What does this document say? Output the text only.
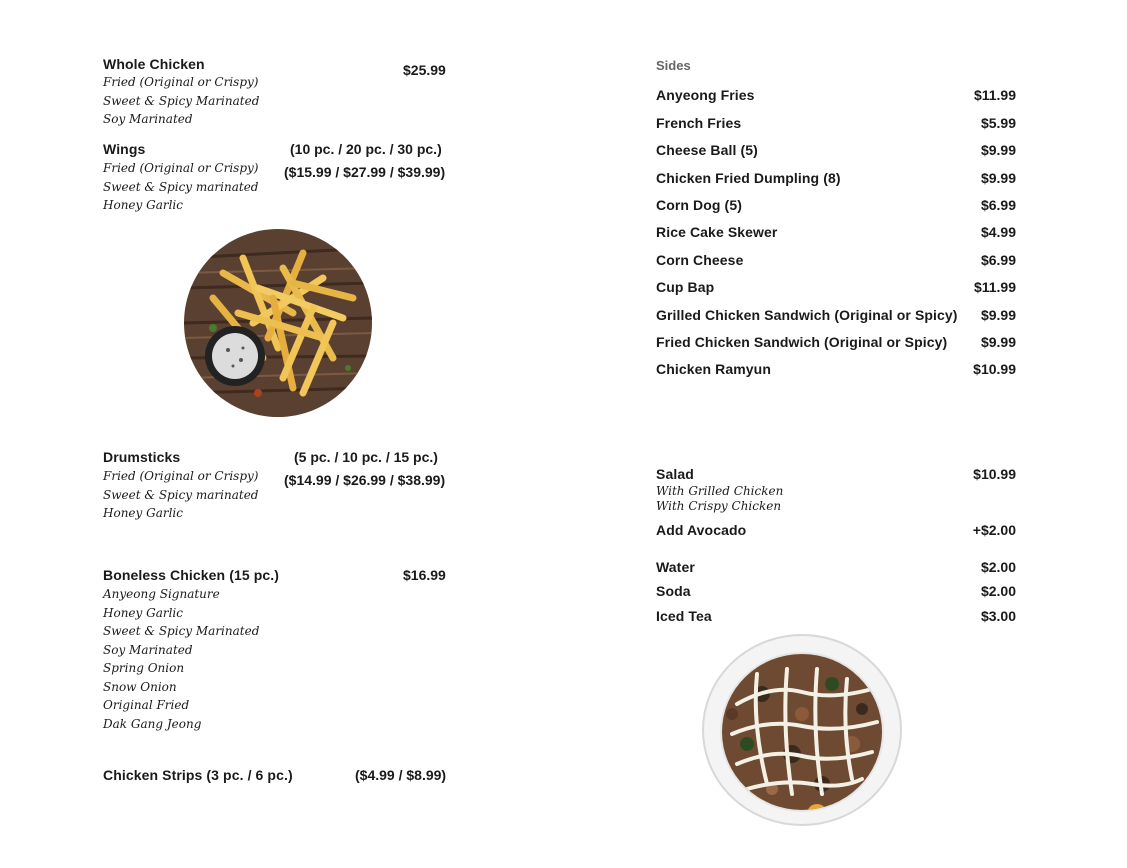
Whole Chicken	$25.99
Fried (Original or Crispy)
Sweet & Spicy Marinated
Soy Marinated
Wings	(10 pc. / 20 pc. / 30 pc.)
($15.99 / $27.99 / $39.99)
Fried (Original or Crispy)
Sweet & Spicy marinated
Honey Garlic
Drumsticks	(5 pc. / 10 pc. / 15 pc.)
($14.99 / $26.99 / $38.99)
Fried (Original or Crispy)
Sweet & Spicy marinated
Honey Garlic
Boneless Chicken (15 pc.)	$16.99
Anyeong Signature
Honey Garlic
Sweet & Spicy Marinated
Soy Marinated
Spring Onion
Snow Onion
Original Fried
Dak Gang Jeong
Chicken Strips (3 pc. / 6 pc.)	($4.99 / $8.99)
Sides
Anyeong Fries	$11.99
French Fries	$5.99
Cheese Ball (5)	$9.99
Chicken Fried Dumpling (8)	$9.99
Corn Dog (5)	$6.99
Rice Cake Skewer	$4.99
Corn Cheese	$6.99
Cup Bap	$11.99
Grilled Chicken Sandwich (Original or Spicy) $9.99
Fried Chicken Sandwich (Original or Spicy) $9.99
Chicken Ramyun	$10.99
Salad	$10.99
With Grilled Chicken
With Crispy Chicken
Add Avocado	+$2.00
Water	$2.00
Soda	$2.00
Iced Tea	$3.00
